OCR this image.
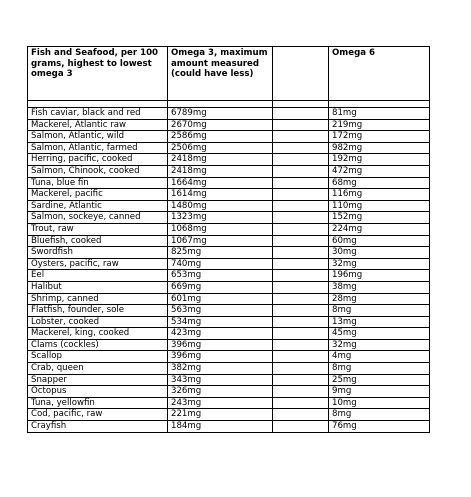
Fish and Seafood, per 100 grams, highest to lowest omega 3	Omega 3, maximum amount measured (could have less)		Omega 6

Fish caviar, black and red	6789mg		81mg
Mackerel, Atlantic raw	2670mg		219mg
Salmon, Atlantic, wild	2586mg		172mg
Salmon, Atlantic, farmed	2506mg		982mg
Herring, pacific, cooked	2418mg		192mg
Salmon, Chinook, cooked	2418mg		472mg
Tuna, blue fin	1664mg		68mg
Mackerel, pacific	1614mg		116mg
Sardine, Atlantic	1480mg		110mg
Salmon, sockeye, canned	1323mg		152mg
Trout, raw	1068mg		224mg
Bluefish, cooked	1067mg		60mg
Swordfish	825mg		30mg
Oysters, pacific, raw	740mg		32mg
Eel	653mg		196mg
Halibut	669mg		38mg
Shrimp, canned	601mg		28mg
Flatfish, founder, sole	563mg		8mg
Lobster, cooked	534mg		13mg
Mackerel, king, cooked	423mg		45mg
Clams (cockles)	396mg		32mg
Scallop	396mg		4mg
Crab, queen	382mg		8mg
Snapper	343mg		25mg
Octopus	326mg		9mg
Tuna, yellowfin	243mg		10mg
Cod, pacific, raw	221mg		8mg
Crayfish	184mg		76mg
